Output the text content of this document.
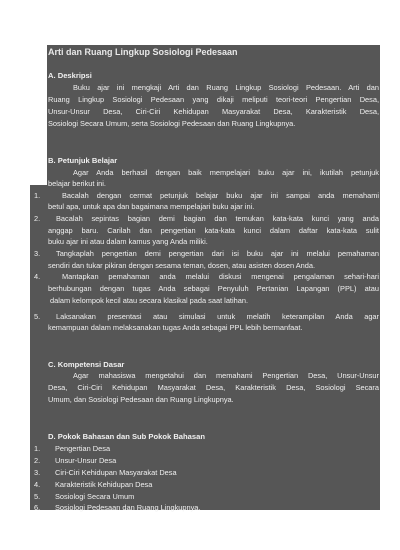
Arti dan Ruang Lingkup Sosiologi Pedesaan
A. Deskripsi
Buku ajar ini mengkaji Arti dan Ruang Lingkup Sosiologi Pedesaan. Arti dan
Ruang Lingkup Sosiologi Pedesaan yang dikaji meliputi teori-teori Pengertian Desa,
Unsur-Unsur Desa, Ciri-Ciri Kehidupan Masyarakat Desa, Karakteristik Desa,
Sosiologi Secara Umum, serta Sosiologi Pedesaan dan Ruang Lingkupnya.
B. Petunjuk Belajar
Agar Anda berhasil dengan baik mempelajari buku ajar ini, ikutilah petunjuk
belajar berikut ini.
1.	Bacalah dengan cermat petunjuk belajar buku ajar ini sampai anda memahami
betul apa, untuk apa dan bagaimana mempelajari buku ajar ini.
2. Bacalah sepintas bagian demi bagian dan temukan kata-kata kunci yang anda
anggap baru. Carilah dan pengertian kata-kata kunci dalam daftar kata-kata sulit
buku ajar ini atau dalam kamus yang Anda miliki.
3. Tangkaplah pengertian demi pengertian dari isi buku ajar ini melalui pemahaman
sendiri dan tukar pikiran dengan sesama teman, dosen, atau asisten dosen Anda.
4.	Mantapkan pemahaman anda melalui diskusi mengenai pengalaman sehari-hari
berhubungan dengan tugas Anda sebagai Penyuluh Pertanian Lapangan (PPL) atau
dalam kelompok kecil atau secara klasikal pada saat latihan.
5. Laksanakan presentasi atau simulasi untuk melatih keterampilan Anda agar
kemampuan dalam melaksanakan tugas Anda sebagai PPL lebih bermanfaat.
C. Kompetensi Dasar
Agar mahasiswa mengetahui dan memahami Pengertian Desa, Unsur-Unsur
Desa, Ciri-Ciri Kehidupan Masyarakat Desa, Karakteristik Desa, Sosiologi Secara
Umum, dan Sosiologi Pedesaan dan Ruang Lingkupnya.
D. Pokok Bahasan dan Sub Pokok Bahasan
1. Pengertian Desa
2. Unsur-Unsur Desa
3. Ciri-Ciri Kehidupan Masyarakat Desa
4. Karakteristik Kehidupan Desa
5. Sosiologi Secara Umum
6. Sosiologi Pedesaan dan Ruang Lingkupnya.
